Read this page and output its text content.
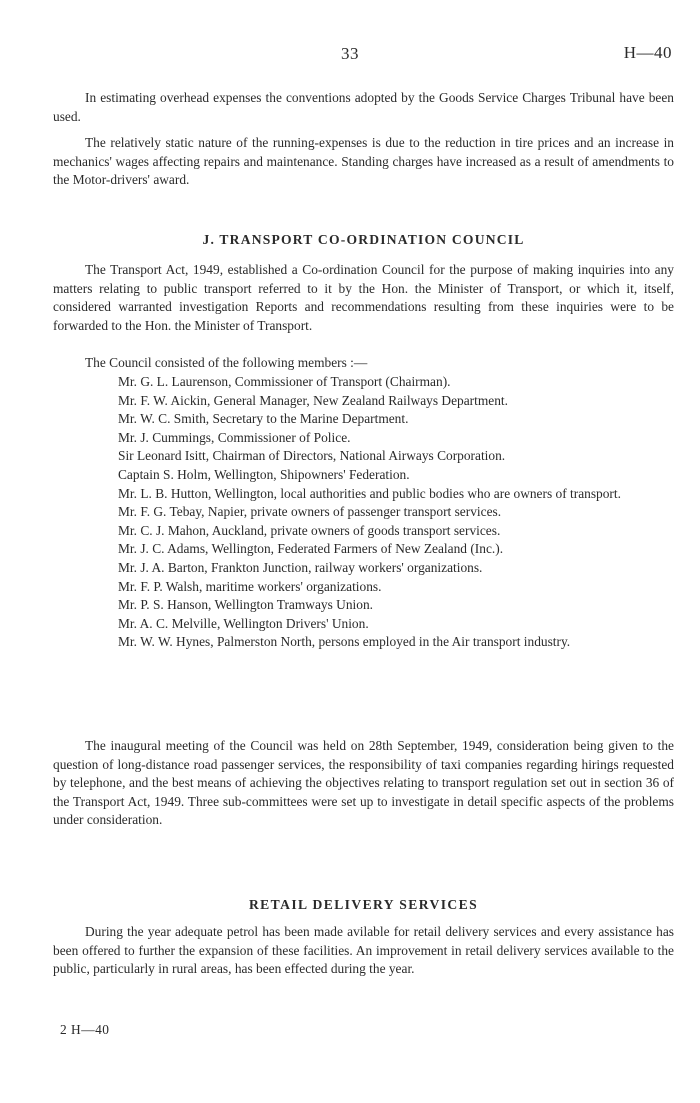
33	H—40

In estimating overhead expenses the conventions adopted by the Goods Service Charges Tribunal have been used.

The relatively static nature of the running-expenses is due to the reduction in tire prices and an increase in mechanics' wages affecting repairs and maintenance. Standing charges have increased as a result of amendments to the Motor-drivers' award.

J. TRANSPORT CO-ORDINATION COUNCIL

The Transport Act, 1949, established a Co-ordination Council for the purpose of making inquiries into any matters relating to public transport referred to it by the Hon. the Minister of Transport, or which it, itself, considered warranted investigation Reports and recommendations resulting from these inquiries were to be forwarded to the Hon. the Minister of Transport.

The Council consisted of the following members :—

Mr. G. L. Laurenson, Commissioner of Transport (Chairman).
Mr. F. W. Aickin, General Manager, New Zealand Railways Department.
Mr. W. C. Smith, Secretary to the Marine Department.
Mr. J. Cummings, Commissioner of Police.
Sir Leonard Isitt, Chairman of Directors, National Airways Corporation.
Captain S. Holm, Wellington, Shipowners' Federation.
Mr. L. B. Hutton, Wellington, local authorities and public bodies who are owners of transport.
Mr. F. G. Tebay, Napier, private owners of passenger transport services.
Mr. C. J. Mahon, Auckland, private owners of goods transport services.
Mr. J. C. Adams, Wellington, Federated Farmers of New Zealand (Inc.).
Mr. J. A. Barton, Frankton Junction, railway workers' organizations.
Mr. F. P. Walsh, maritime workers' organizations.
Mr. P. S. Hanson, Wellington Tramways Union.
Mr. A. C. Melville, Wellington Drivers' Union.
Mr. W. W. Hynes, Palmerston North, persons employed in the Air transport industry.

The inaugural meeting of the Council was held on 28th September, 1949, consideration being given to the question of long-distance road passenger services, the responsibility of taxi companies regarding hirings requested by telephone, and the best means of achieving the objectives relating to transport regulation set out in section 36 of the Transport Act, 1949. Three sub-committees were set up to investigate in detail specific aspects of the problems under consideration.

RETAIL DELIVERY SERVICES

During the year adequate petrol has been made avilable for retail delivery services and every assistance has been offered to further the expansion of these facilities. An improvement in retail delivery services available to the public, particularly in rural areas, has been effected during the year.

2 H—40
